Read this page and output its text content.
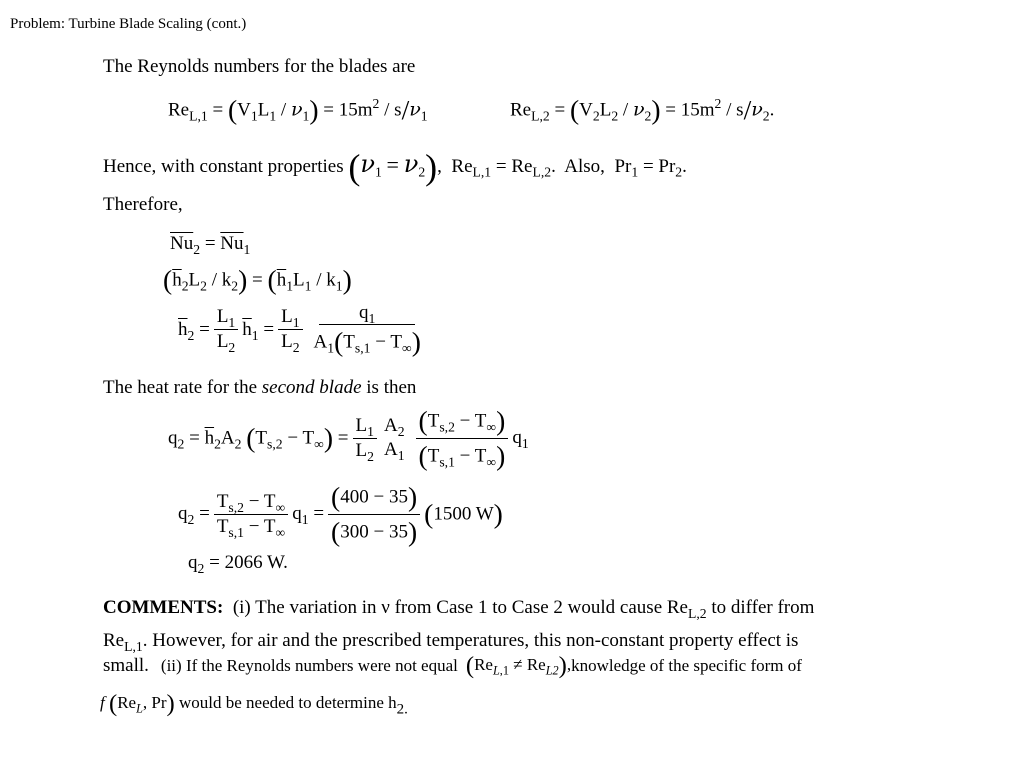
Problem: Turbine Blade Scaling (cont.)
The Reynolds numbers for the blades are
$Re_{L,1} = (V_1L_1 / \nu_1) = 15m^2 / s/\nu_1$	$Re_{L,2} = (V_2L_2 / \nu_2) = 15m^2 / s/\nu_2$.
Hence, with constant properties $(\nu_1 = \nu_2)$,  $Re_{L,1} = Re_{L,2}$.  Also,  $Pr_1 = Pr_2$.
Therefore,
$\overline{Nu}_2 = \overline{Nu}_1$
$(\overline{h}_2L_2 / k_2) = (\overline{h}_1L_1 / k_1)$
$\overline{h}_2 = \frac{L_1}{L_2} \overline{h}_1 = \frac{L_1}{L_2} \frac{q_1}{A_1(T_{s,1} - T_\infty)}$
The heat rate for the second blade is then
$q_2 = \overline{h}_2A_2$ $(T_{s,2} - T_\infty) = \frac{L_1}{L_2} A_2$
$A_1 \frac{(T_{s,2} - T_\infty)}{(T_{s,1} - T_\infty)} q_1$
$q_2 = \frac{T_{s,2} - T_\infty}{T_{s,1} - T_\infty} q_1 = \frac{(400 - 35)}{(300 - 35)} (1500$ W)
$q_2 = 2066$ W.
COMMENTS: (i) The variation in ν from Case 1 to Case 2 would cause $Re_{L,2}$ to differ from
$Re_{L,1}$. However, for air and the prescribed temperatures, this non-constant property effect is
small. (ii) If the Reynolds numbers were not equal $(Re_{L,1} \ne Re_{L2})$, knowledge of the specific form of
f ($Re_L$, Pr) would be needed to determine $h_{2.}$
